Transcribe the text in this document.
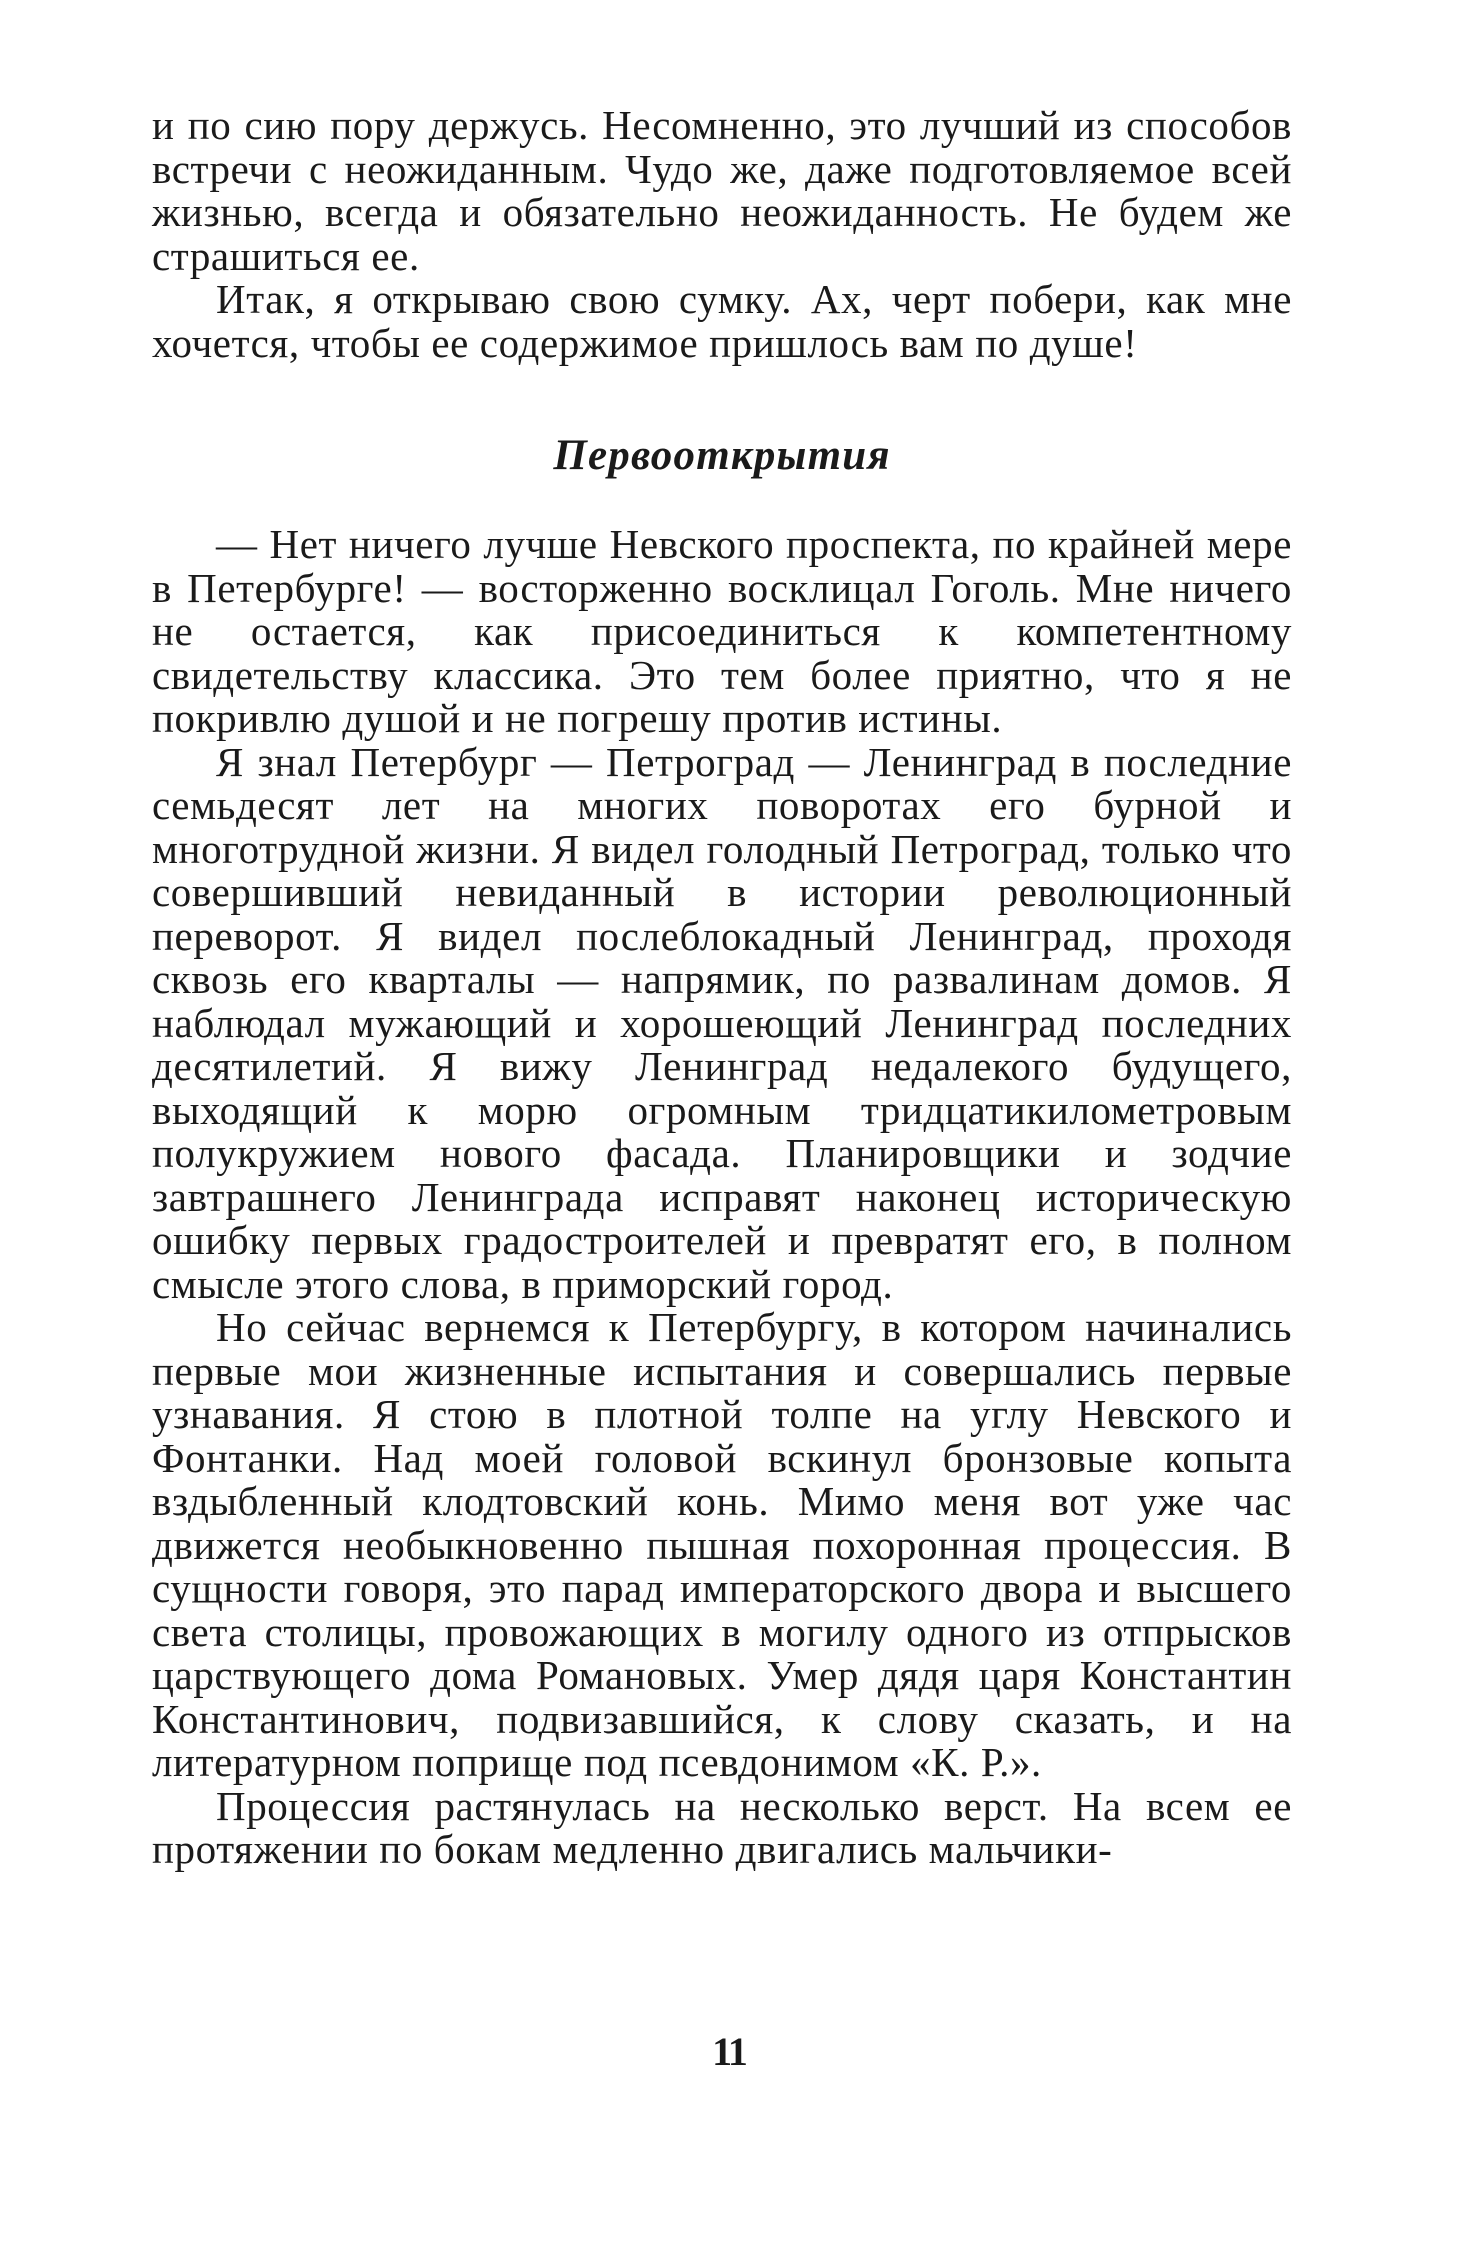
и по сию пору держусь. Несомненно, это лучший из способов встречи с неожиданным. Чудо же, даже подготовляемое всей жизнью, всегда и обязательно неожиданность. Не будем же страшиться ее.

Итак, я открываю свою сумку. Ах, черт побери, как мне хочется, чтобы ее содержимое пришлось вам по душе!

Первооткрытия

— Нет ничего лучше Невского проспекта, по крайней мере в Петербурге! — восторженно восклицал Гоголь. Мне ничего не остается, как присоединиться к компетентному свидетельству классика. Это тем более приятно, что я не покривлю душой и не погрешу против истины.

Я знал Петербург — Петроград — Ленинград в последние семьдесят лет на многих поворотах его бурной и многотрудной жизни. Я видел голодный Петроград, только что совершивший невиданный в истории революционный переворот. Я видел послеблокадный Ленинград, проходя сквозь его кварталы — напрямик, по развалинам домов. Я наблюдал мужающий и хорошеющий Ленинград последних десятилетий. Я вижу Ленинград недалекого будущего, выходящий к морю огромным тридцатикилометровым полукружием нового фасада. Планировщики и зодчие завтрашнего Ленинграда исправят наконец историческую ошибку первых градостроителей и превратят его, в полном смысле этого слова, в приморский город.

Но сейчас вернемся к Петербургу, в котором начинались первые мои жизненные испытания и совершались первые узнавания. Я стою в плотной толпе на углу Невского и Фонтанки. Над моей головой вскинул бронзовые копыта вздыбленный клодтовский конь. Мимо меня вот уже час движется необыкновенно пышная похоронная процессия. В сущности говоря, это парад императорского двора и высшего света столицы, провожающих в могилу одного из отпрысков царствующего дома Романовых. Умер дядя царя Константин Константинович, подвизавшийся, к слову сказать, и на литературном поприще под псевдонимом «К. Р.».

Процессия растянулась на несколько верст. На всем ее протяжении по бокам медленно двигались мальчики-

11
